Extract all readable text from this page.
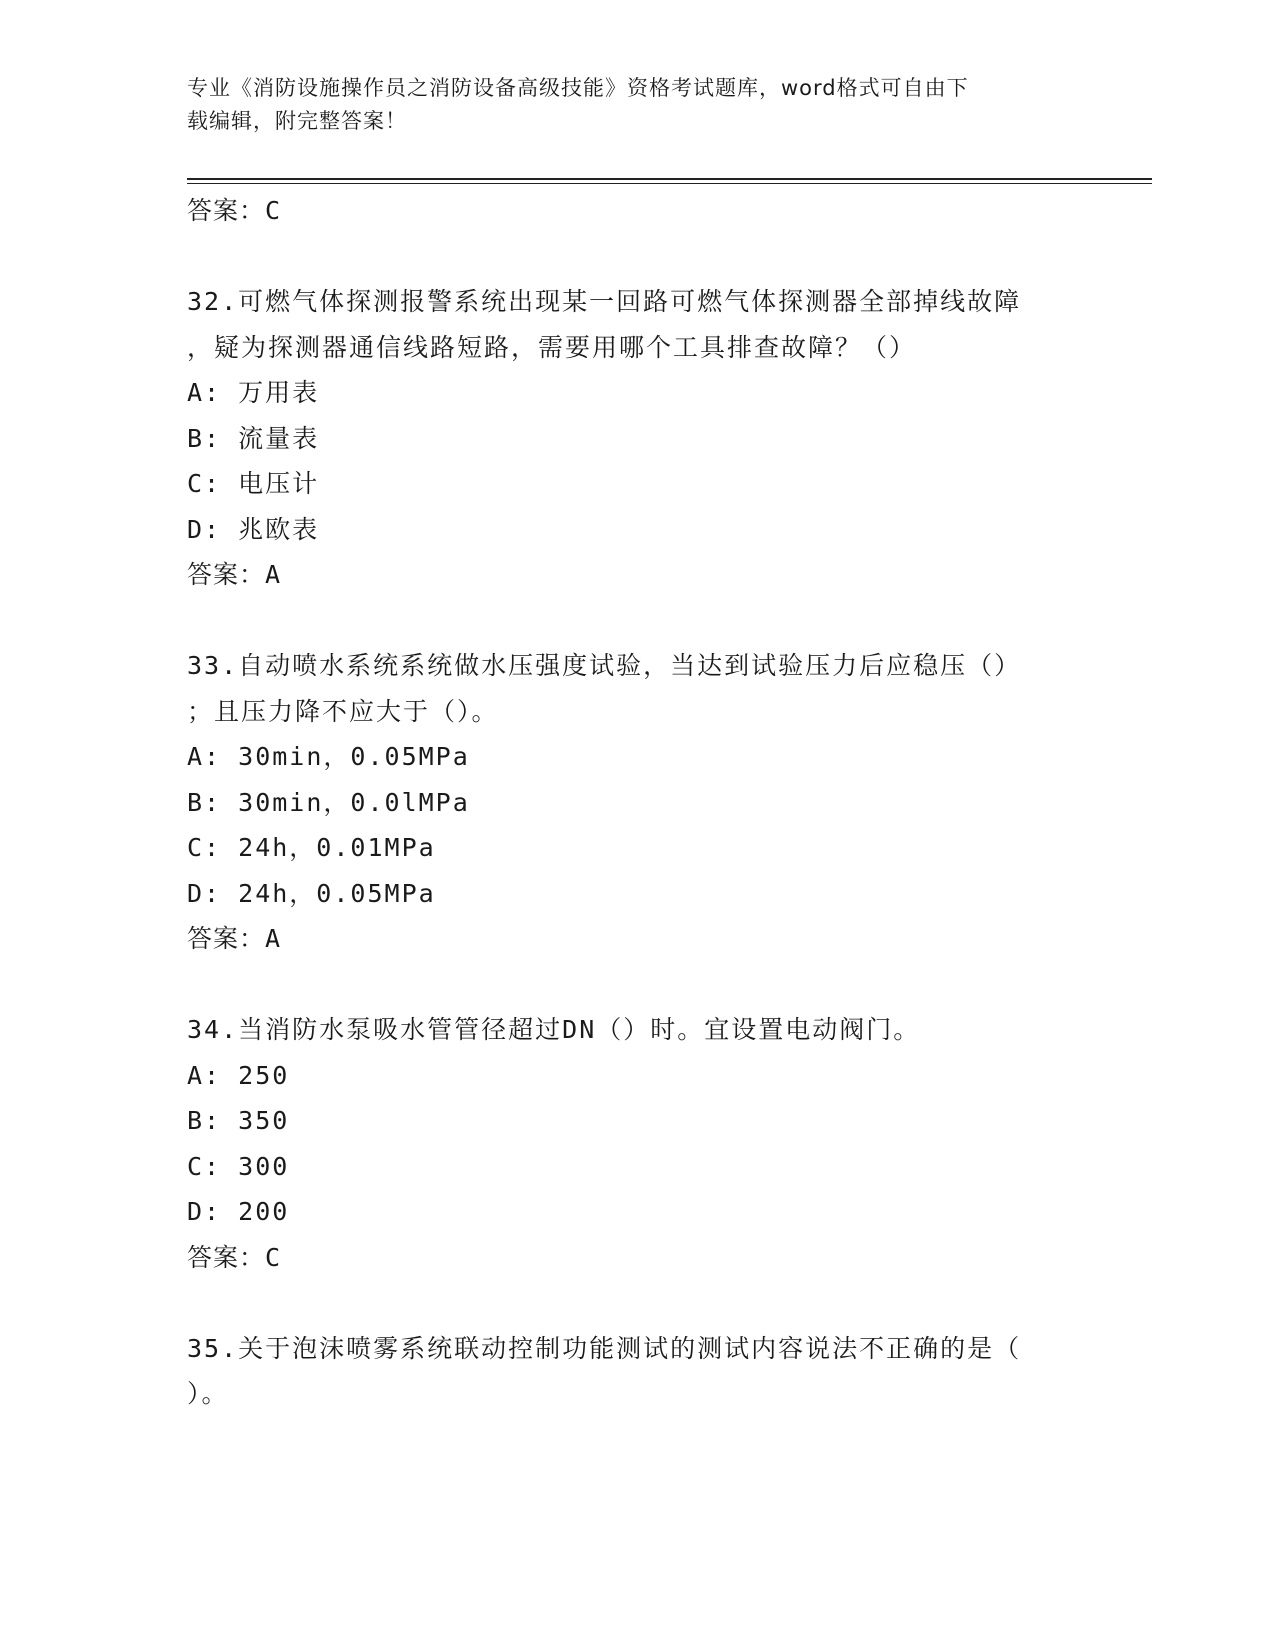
专业《消防设施操作员之消防设备高级技能》资格考试题库，word格式可自由下
载编辑，附完整答案！
答案：C
32.可燃气体探测报警系统出现某一回路可燃气体探测器全部掉线故障
，疑为探测器通信线路短路，需要用哪个工具排查故障？（）
A: 万用表
B: 流量表
C: 电压计
D: 兆欧表
答案：A
33.自动喷水系统系统做水压强度试验，当达到试验压力后应稳压（）
；且压力降不应大于（）。
A: 30min，0.05MPa
B: 30min，0.0lMPa
C: 24h，0.01MPa
D: 24h，0.05MPa
答案：A
34.当消防水泵吸水管管径超过DN（）时。宜设置电动阀门。
A: 250
B: 350
C: 300
D: 200
答案：C
35.关于泡沫喷雾系统联动控制功能测试的测试内容说法不正确的是（
）。
